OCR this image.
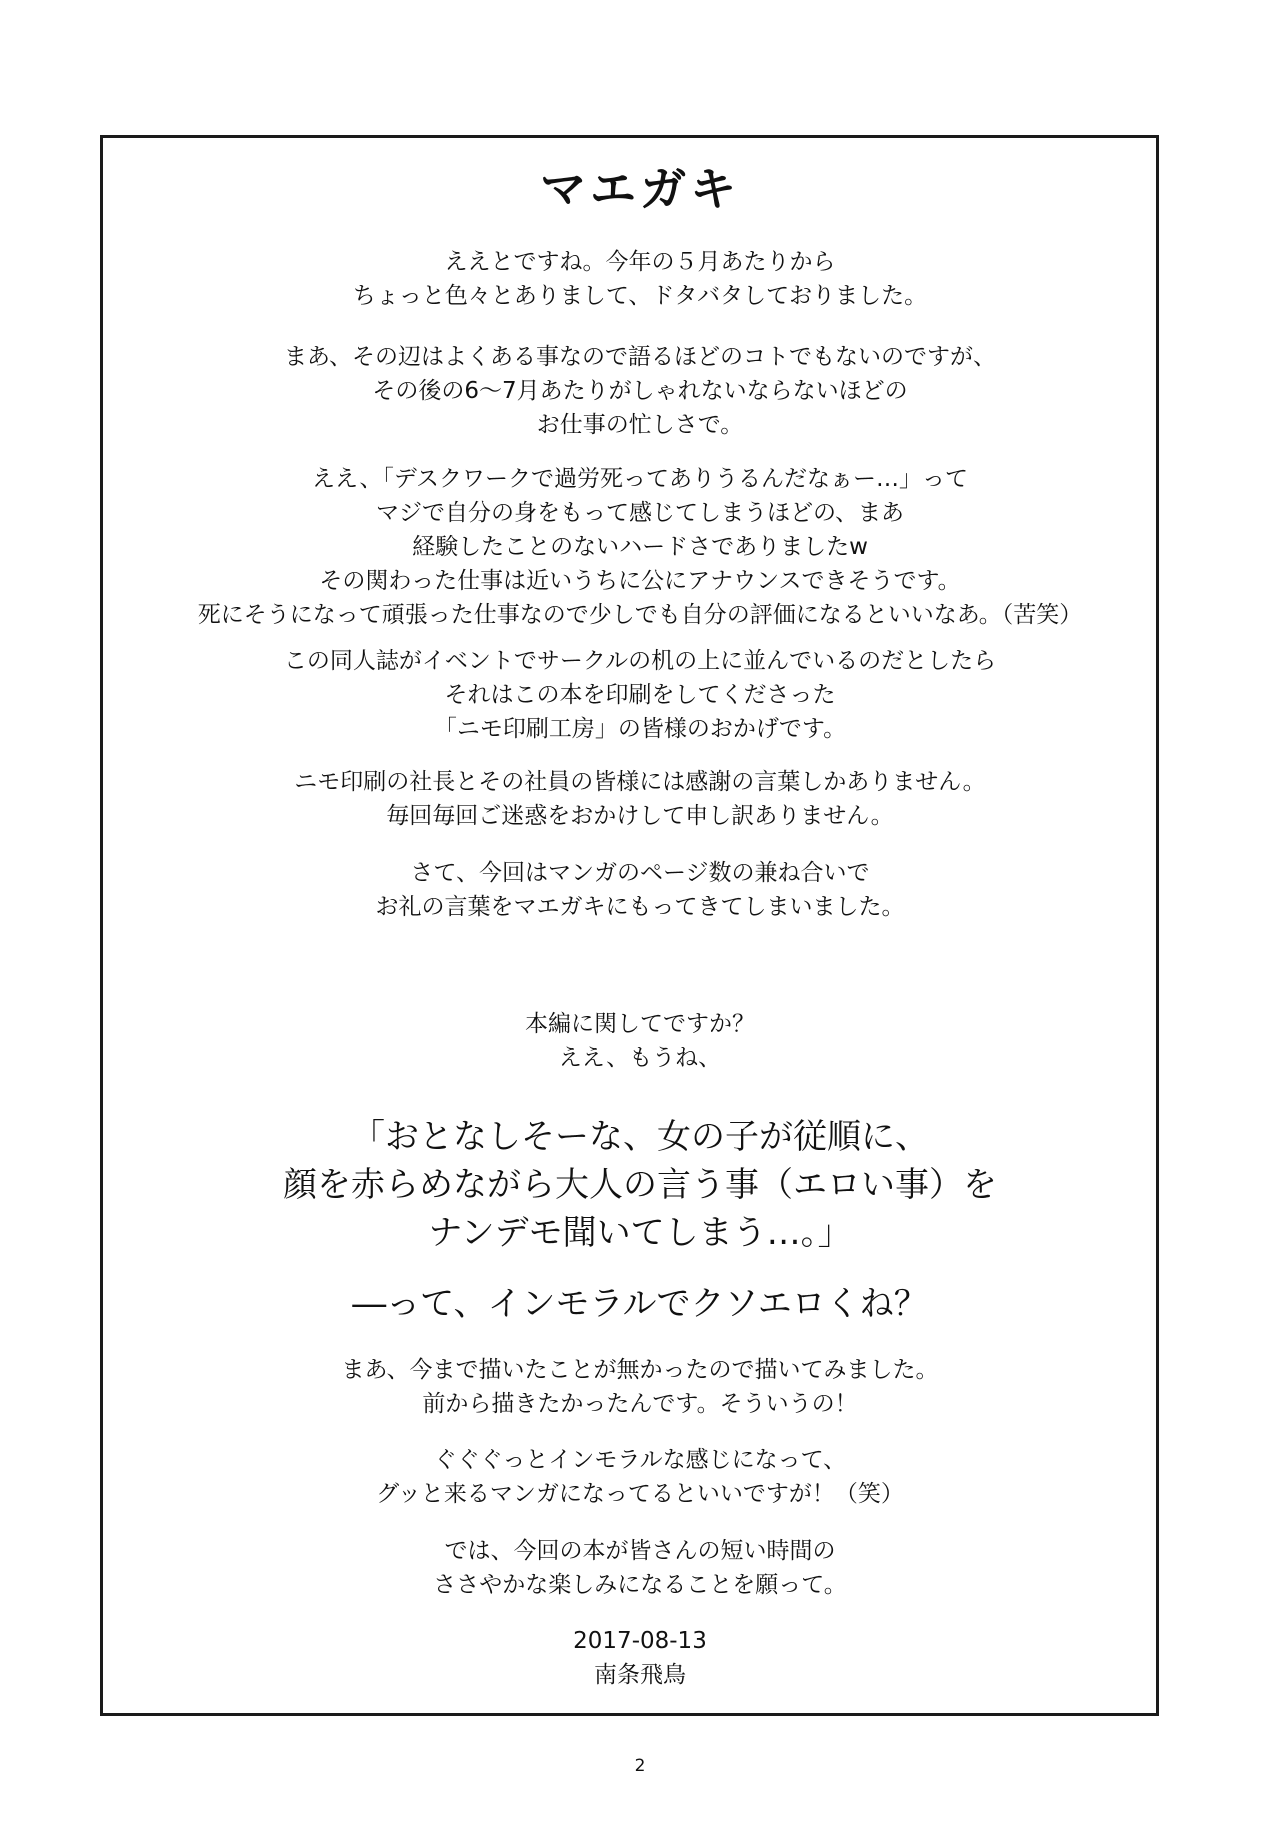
マエガキ
ええとですね。今年の５月あたりから
ちょっと色々とありまして、ドタバタしておりました。
まあ、その辺はよくある事なので語るほどのコトでもないのですが、
その後の6～7月あたりがしゃれないならないほどの
お仕事の忙しさで。
ええ、「デスクワークで過労死ってありうるんだなぁー…」って
マジで自分の身をもって感じてしまうほどの、まあ
経験したことのないハードさでありましたw
その関わった仕事は近いうちに公にアナウンスできそうです。
死にそうになって頑張った仕事なので少しでも自分の評価になるといいなあ。（苦笑）
この同人誌がイベントでサークルの机の上に並んでいるのだとしたら
それはこの本を印刷をしてくださった
「ニモ印刷工房」の皆様のおかげです。
ニモ印刷の社長とその社員の皆様には感謝の言葉しかありません。
毎回毎回ご迷惑をおかけして申し訳ありません。
さて、今回はマンガのページ数の兼ね合いで
お礼の言葉をマエガキにもってきてしまいました。
本編に関してですか？
ええ、もうね、
「おとなしそーな、女の子が従順に、
顔を赤らめながら大人の言う事（エロい事）を
ナンデモ聞いてしまう…。」
―って、インモラルでクソエロくね？
まあ、今まで描いたことが無かったので描いてみました。
前から描きたかったんです。そういうの！
ぐぐぐっとインモラルな感じになって、
グッと来るマンガになってるといいですが！（笑）
では、今回の本が皆さんの短い時間の
ささやかな楽しみになることを願って。
2017-08-13
南条飛鳥
2
